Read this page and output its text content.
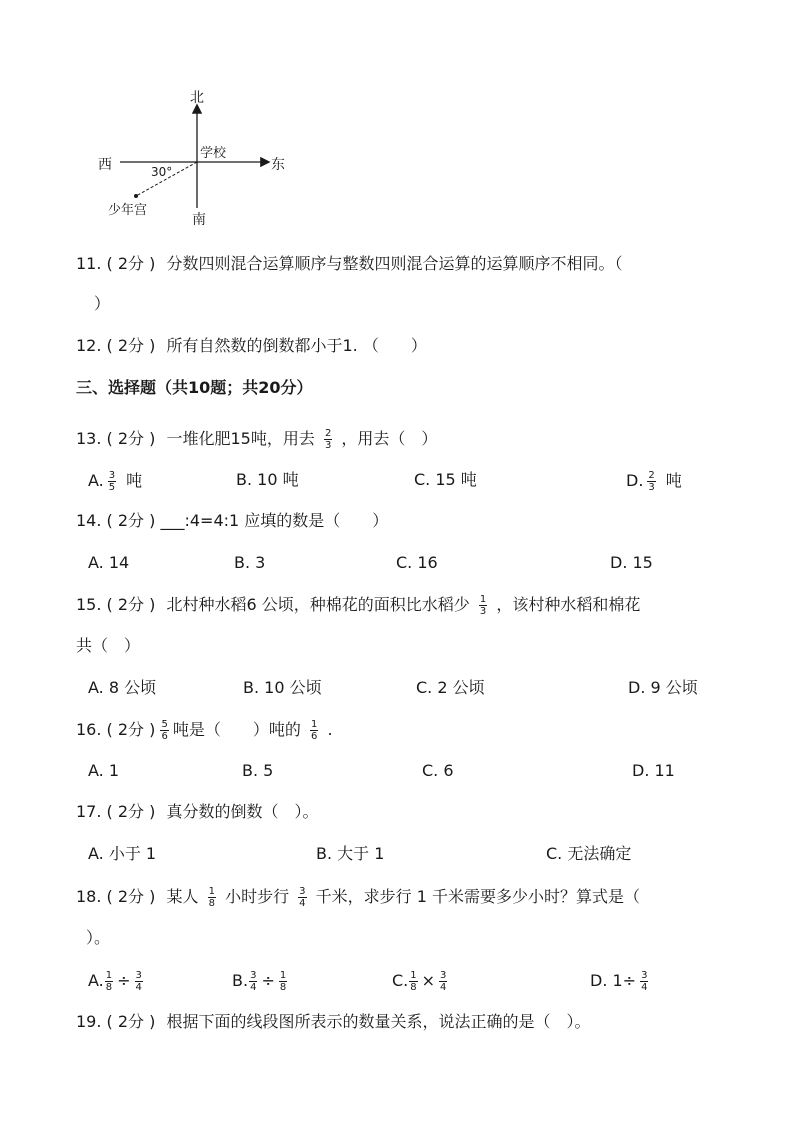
北
南
东
西
学校
30°
少年宫
11. ( 2分 ) 分数四则混合运算顺序与整数四则混合运算的运算顺序不相同。（
）
12. ( 2分 ) 所有自然数的倒数都小于1. （　　）
三、选择题（共10题；共20分）
13. ( 2分 ) 一堆化肥15吨，用去 $\frac{2}{3}$ ，用去（　）
A. $\frac{3}{5}$ 吨	B. 10 吨	C. 15 吨	D. $\frac{2}{3}$ 吨
14. ( 2分 ) ___:4=4:1 应填的数是（　　）
A. 14	B. 3	C. 16	D. 15
15. ( 2分 ) 北村种水稻6 公顷，种棉花的面积比水稻少 $\frac{1}{3}$ ，该村种水稻和棉花
共（　）
A. 8 公顷	B. 10 公顷	C. 2 公顷	D. 9 公顷
16. ( 2分 ) $\frac{5}{6}$ 吨是（　　）吨的 $\frac{1}{6}$ .
A. 1	B. 5	C. 6	D. 11
17. ( 2分 ) 真分数的倒数（　）。
A. 小于 1	B. 大于 1	C. 无法确定
18. ( 2分 ) 某人 $\frac{1}{8}$ 小时步行 $\frac{3}{4}$ 千米，求步行 1 千米需要多少小时？算式是（
）。
A. $\frac{1}{8} \div \frac{3}{4}$	B. $\frac{3}{4} \div \frac{1}{8}$	C. $\frac{1}{8} \times \frac{3}{4}$	D. $1\div \frac{3}{4}$
19. ( 2分 ) 根据下面的线段图所表示的数量关系，说法正确的是（　）。
